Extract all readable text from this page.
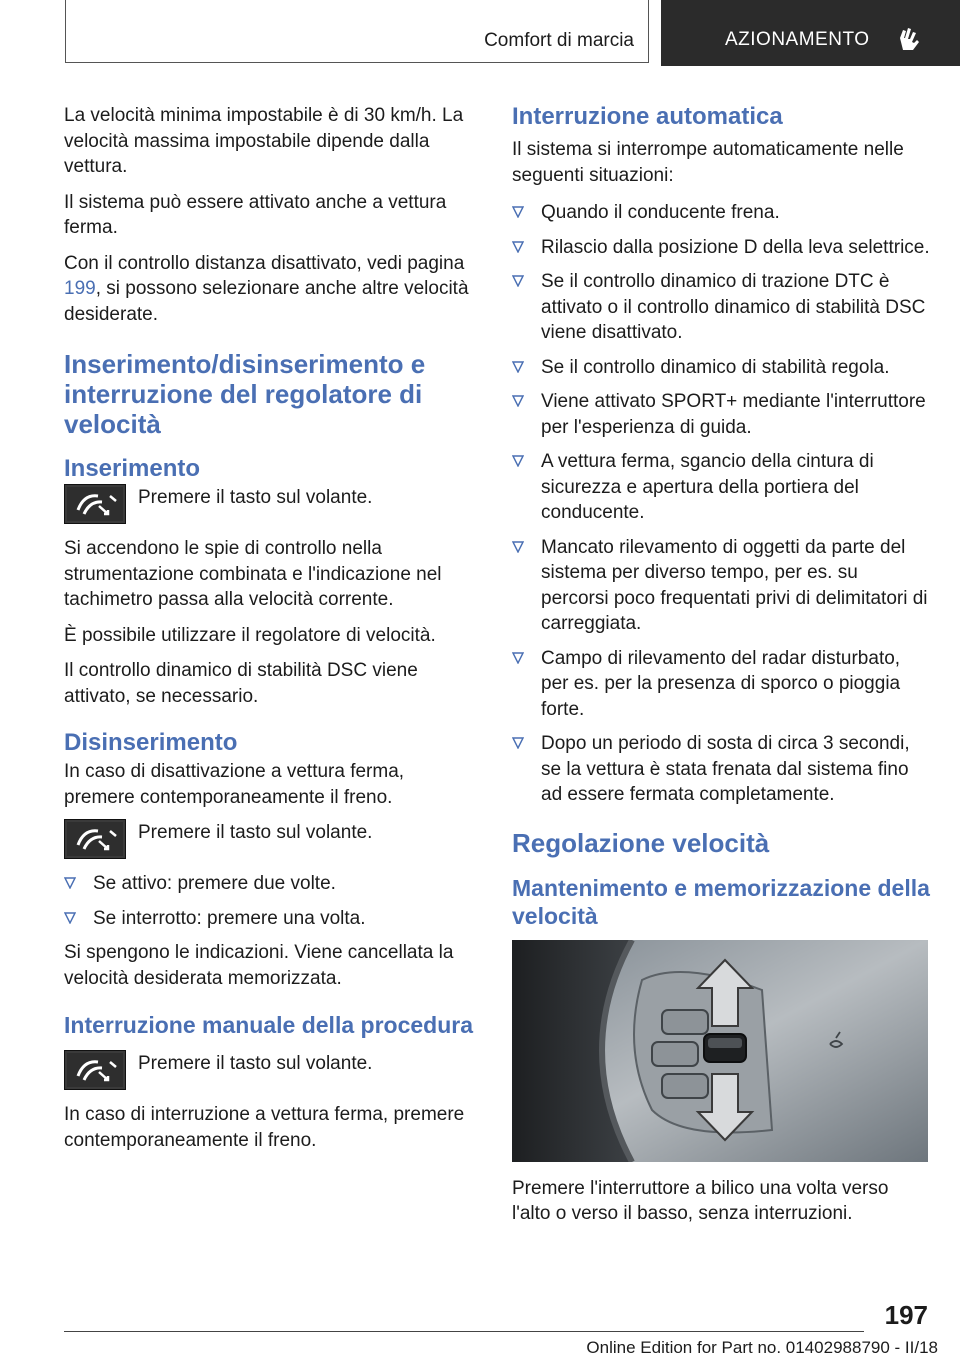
Comfort di marcia	AZIONAMENTO

La velocità minima impostabile è di 30 km/h. La velocità massima impostabile dipende dalla vettura.

Il sistema può essere attivato anche a vettura ferma.

Con il controllo distanza disattivato, vedi pagina 199, si possono selezionare anche altre velocità desiderate.

Inserimento/disinserimento e interruzione del regolatore di velocità
Inserimento
Premere il tasto sul volante.

Si accendono le spie di controllo nella strumentazione combinata e l'indicazione nel tachimetro passa alla velocità corrente.

È possibile utilizzare il regolatore di velocità.

Il controllo dinamico di stabilità DSC viene attivato, se necessario.

Disinserimento

In caso di disattivazione a vettura ferma, premere contemporaneamente il freno.

Premere il tasto sul volante.
Se attivo: premere due volte.
Se interrotto: premere una volta.

Si spengono le indicazioni. Viene cancellata la velocità desiderata memorizzata.

Interruzione manuale della procedura
Premere il tasto sul volante.

In caso di interruzione a vettura ferma, premere contemporaneamente il freno.

Interruzione automatica

Il sistema si interrompe automaticamente nelle seguenti situazioni:

Quando il conducente frena.
Rilascio dalla posizione D della leva selettrice.
Se il controllo dinamico di trazione DTC è attivato o il controllo dinamico di stabilità DSC viene disattivato.
Se il controllo dinamico di stabilità regola.
Viene attivato SPORT+ mediante l'interruttore per l'esperienza di guida.
A vettura ferma, sgancio della cintura di sicurezza e apertura della portiera del conducente.
Mancato rilevamento di oggetti da parte del sistema per diverso tempo, per es. su percorsi poco frequentati privi di delimitatori di carreggiata.
Campo di rilevamento del radar disturbato, per es. per la presenza di sporco o pioggia forte.
Dopo un periodo di sosta di circa 3 secondi, se la vettura è stata frenata dal sistema fino ad essere fermata completamente.
Regolazione velocità
Mantenimento e memorizzazione della velocità

Premere l'interruttore a bilico una volta verso l'alto o verso il basso, senza interruzioni.

197
Online Edition for Part no. 01402988790 - II/18
